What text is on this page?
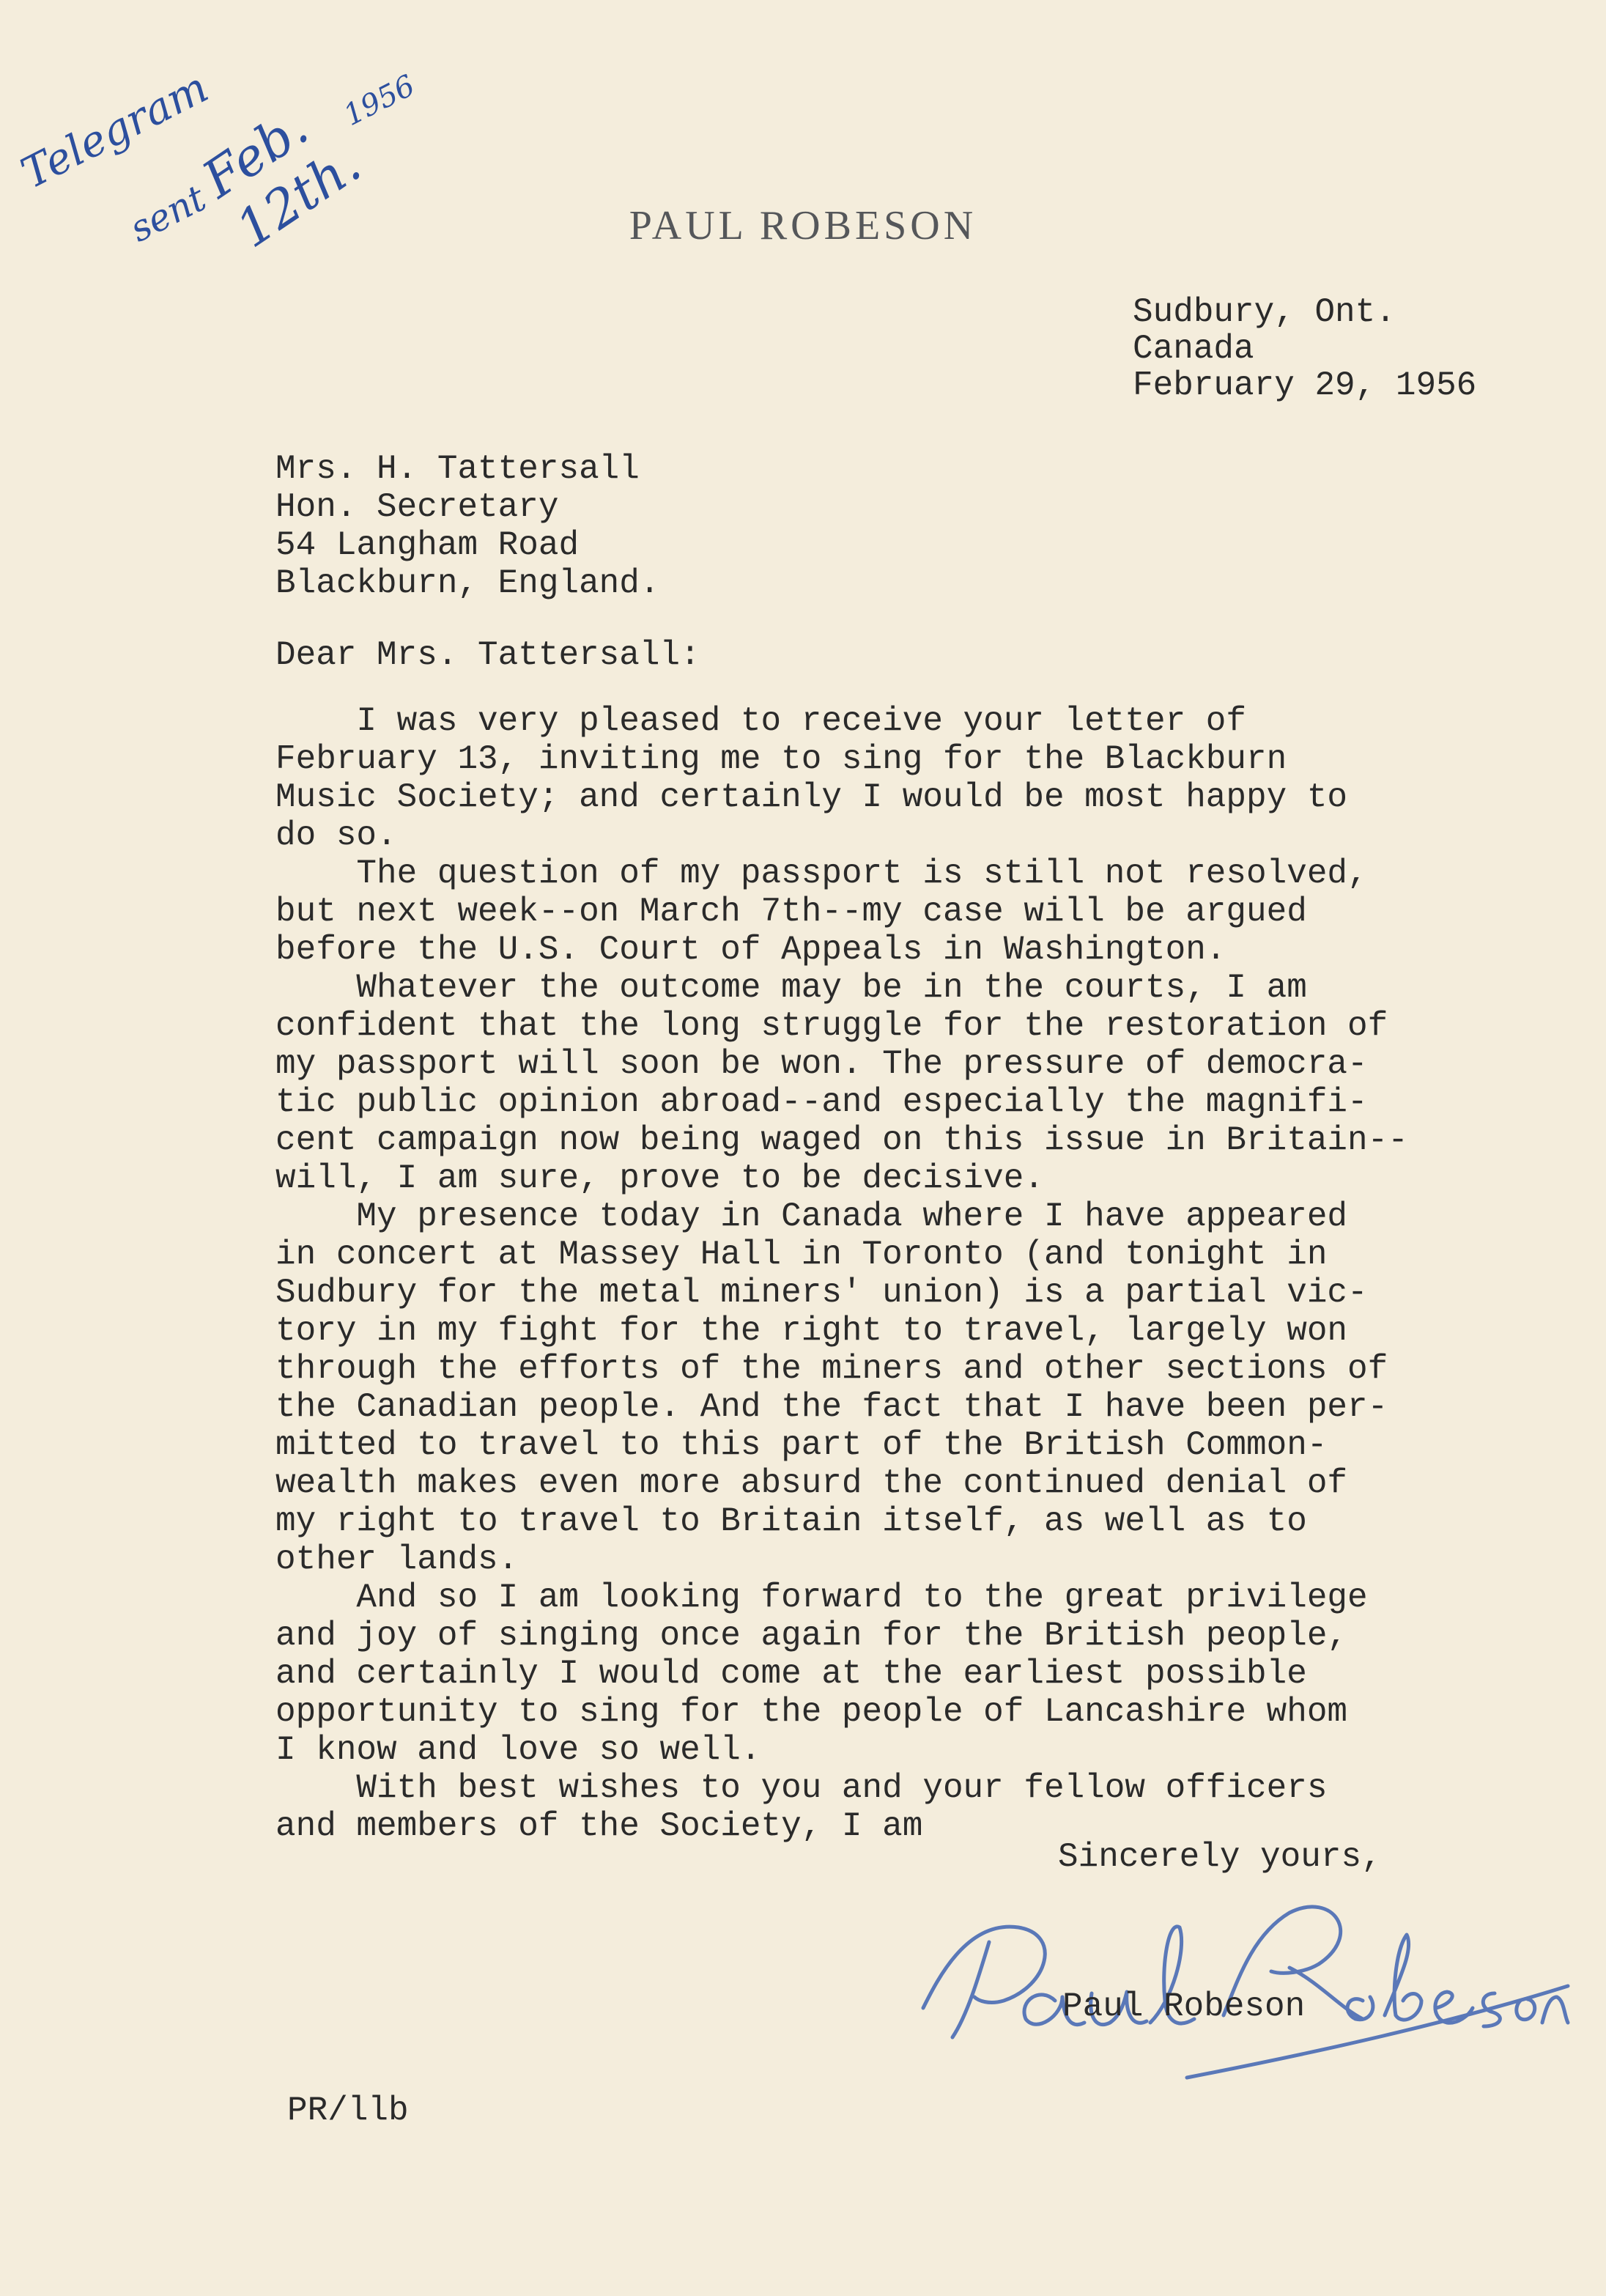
Telegram
sent
Feb. 12th.
1956
PAUL ROBESON

Sudbury, Ont.

Canada

February 29, 1956

Mrs. H. Tattersall

Hon. Secretary

54 Langham Road

Blackburn, England.

Dear Mrs. Tattersall:

I was very pleased to receive your letter of

February 13, inviting me to sing for the Blackburn

Music Society; and certainly I would be most happy to

do so.

The question of my passport is still not resolved,

but next week--on March 7th--my case will be argued

before the U.S. Court of Appeals in Washington.

Whatever the outcome may be in the courts, I am

confident that the long struggle for the restoration of

my passport will soon be won. The pressure of democra-

tic public opinion abroad--and especially the magnifi-

cent campaign now being waged on this issue in Britain--

will, I am sure, prove to be decisive.

My presence today in Canada where I have appeared

in concert at Massey Hall in Toronto (and tonight in

Sudbury for the metal miners' union) is a partial vic-

tory in my fight for the right to travel, largely won

through the efforts of the miners and other sections of

the Canadian people. And the fact that I have been per-

mitted to travel to this part of the British Common-

wealth makes even more absurd the continued denial of

my right to travel to Britain itself, as well as to

other lands.

And so I am looking forward to the great privilege

and joy of singing once again for the British people,

and certainly I would come at the earliest possible

opportunity to sing for the people of Lancashire whom

I know and love so well.

With best wishes to you and your fellow officers

and members of the Society, I am

Sincerely yours,

Paul Robeson

PR/llb
